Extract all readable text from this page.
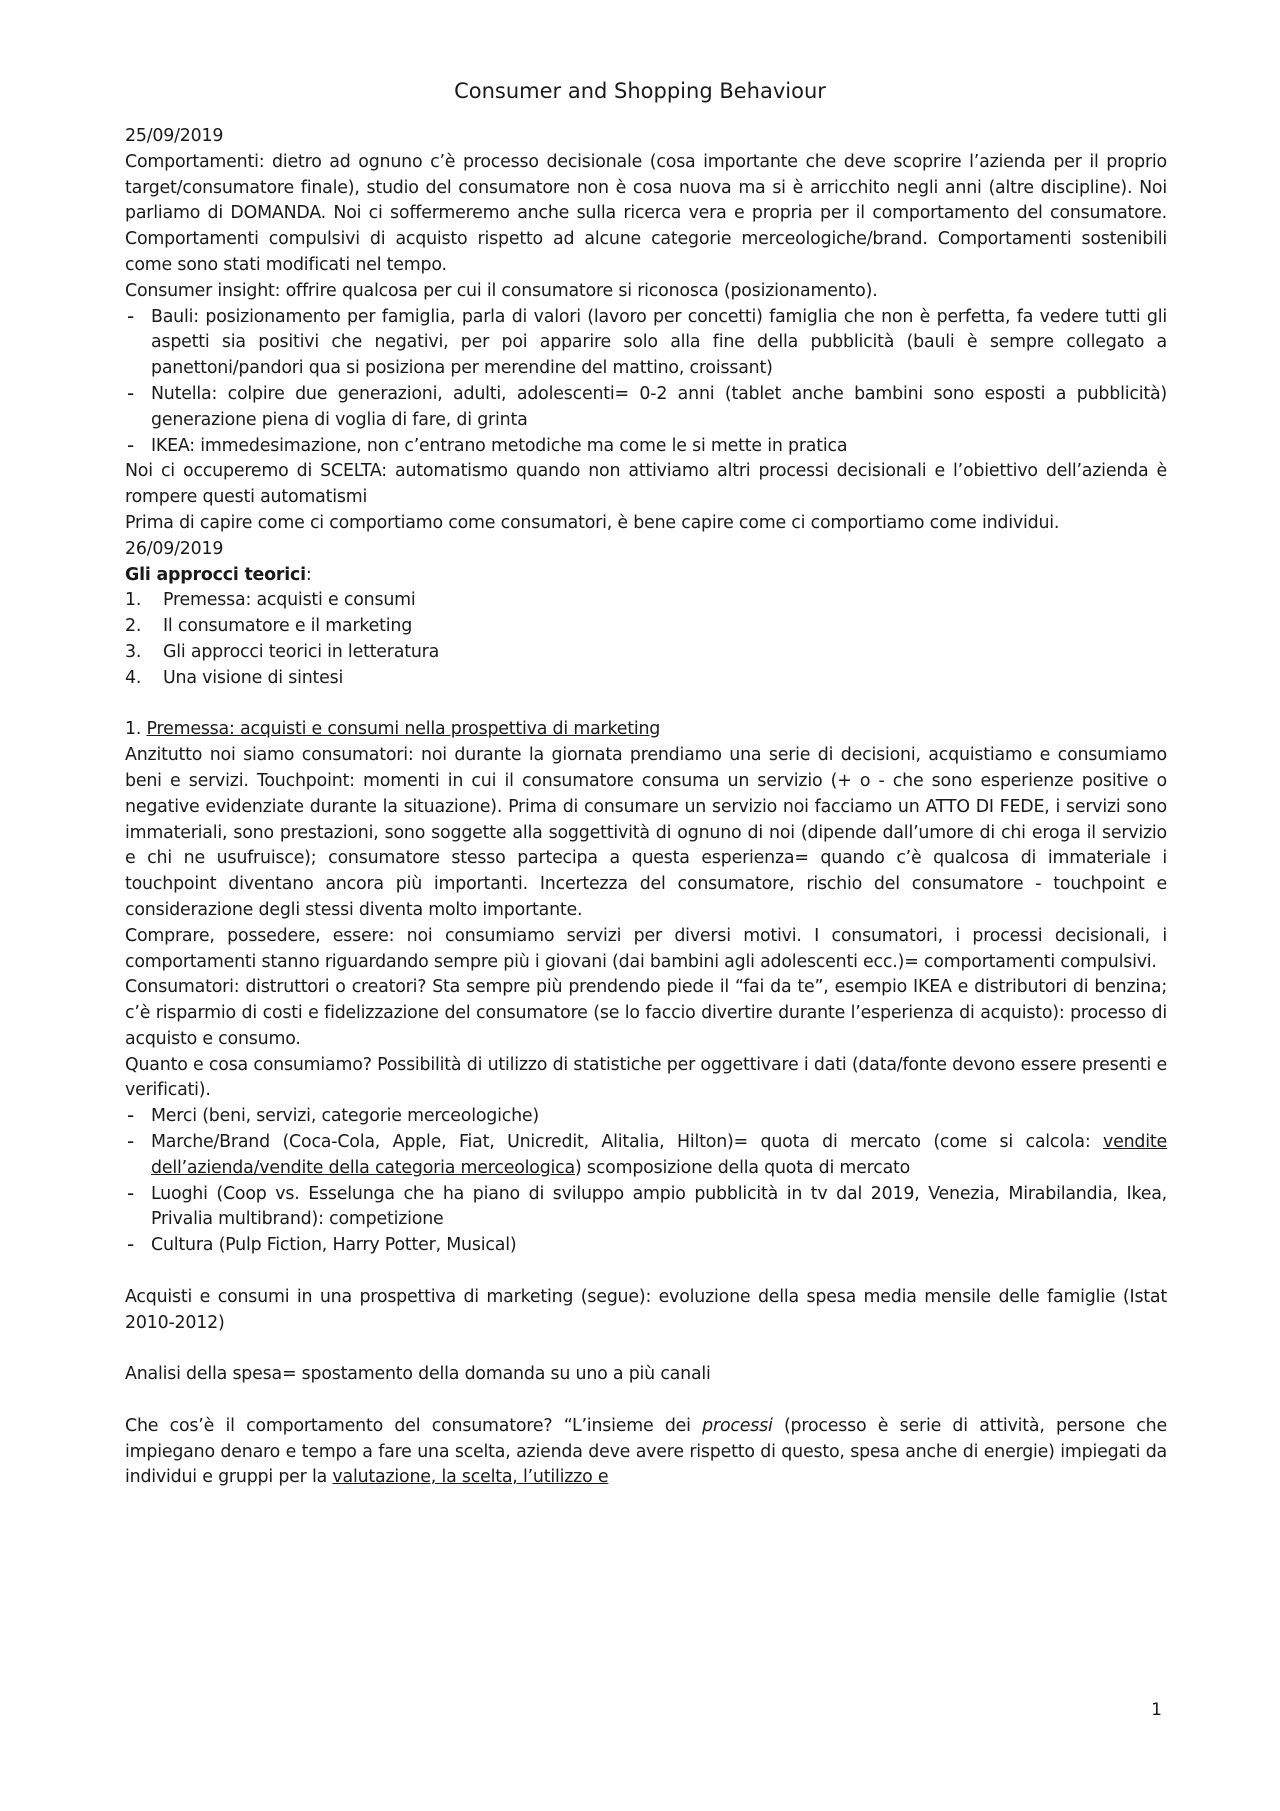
Consumer and Shopping Behaviour

25/09/2019

Comportamenti: dietro ad ognuno c’è processo decisionale (cosa importante che deve scoprire l’azienda per il proprio target/consumatore finale), studio del consumatore non è cosa nuova ma si è arricchito negli anni (altre discipline). Noi parliamo di DOMANDA. Noi ci soffermeremo anche sulla ricerca vera e propria per il comportamento del consumatore. Comportamenti compulsivi di acquisto rispetto ad alcune categorie merceologiche/brand. Comportamenti sostenibili come sono stati modificati nel tempo.

Consumer insight: offrire qualcosa per cui il consumatore si riconosca (posizionamento).

- Bauli: posizionamento per famiglia, parla di valori (lavoro per concetti) famiglia che non è perfetta, fa vedere tutti gli aspetti sia positivi che negativi, per poi apparire solo alla fine della pubblicità (bauli è sempre collegato a panettoni/pandori qua si posiziona per merendine del mattino, croissant)
- Nutella: colpire due generazioni, adulti, adolescenti= 0-2 anni (tablet anche bambini sono esposti a pubblicità) generazione piena di voglia di fare, di grinta
- IKEA: immedesimazione, non c’entrano metodiche ma come le si mette in pratica

Noi ci occuperemo di SCELTA: automatismo quando non attiviamo altri processi decisionali e l’obiettivo dell’azienda è rompere questi automatismi

Prima di capire come ci comportiamo come consumatori, è bene capire come ci comportiamo come individui.

26/09/2019

Gli approcci teorici:

1. Premessa: acquisti e consumi
2. Il consumatore e il marketing
3. Gli approcci teorici in letteratura
4. Una visione di sintesi

1. Premessa: acquisti e consumi nella prospettiva di marketing

Anzitutto noi siamo consumatori: noi durante la giornata prendiamo una serie di decisioni, acquistiamo e consumiamo beni e servizi. Touchpoint: momenti in cui il consumatore consuma un servizio (+ o - che sono esperienze positive o negative evidenziate durante la situazione). Prima di consumare un servizio noi facciamo un ATTO DI FEDE, i servizi sono immateriali, sono prestazioni, sono soggette alla soggettività di ognuno di noi (dipende dall’umore di chi eroga il servizio e chi ne usufruisce); consumatore stesso partecipa a questa esperienza= quando c’è qualcosa di immateriale i touchpoint diventano ancora più importanti. Incertezza del consumatore, rischio del consumatore - touchpoint e considerazione degli stessi diventa molto importante.

Comprare, possedere, essere: noi consumiamo servizi per diversi motivi. I consumatori, i processi decisionali, i comportamenti stanno riguardando sempre più i giovani (dai bambini agli adolescenti ecc.)= comportamenti compulsivi.

Consumatori: distruttori o creatori? Sta sempre più prendendo piede il “fai da te”, esempio IKEA e distributori di benzina; c’è risparmio di costi e fidelizzazione del consumatore (se lo faccio divertire durante l’esperienza di acquisto): processo di acquisto e consumo.

Quanto e cosa consumiamo? Possibilità di utilizzo di statistiche per oggettivare i dati (data/fonte devono essere presenti e verificati).

- Merci (beni, servizi, categorie merceologiche)
- Marche/Brand (Coca-Cola, Apple, Fiat, Unicredit, Alitalia, Hilton)= quota di mercato (come si calcola: vendite dell’azienda/vendite della categoria merceologica) scomposizione della quota di mercato
- Luoghi (Coop vs. Esselunga che ha piano di sviluppo ampio pubblicità in tv dal 2019, Venezia, Mirabilandia, Ikea, Privalia multibrand): competizione
- Cultura (Pulp Fiction, Harry Potter, Musical)

Acquisti e consumi in una prospettiva di marketing (segue): evoluzione della spesa media mensile delle famiglie (Istat 2010-2012)

Analisi della spesa= spostamento della domanda su uno a più canali

Che cos’è il comportamento del consumatore? “L’insieme dei processi (processo è serie di attività, persone che impiegano denaro e tempo a fare una scelta, azienda deve avere rispetto di questo, spesa anche di energie) impiegati da individui e gruppi per la valutazione, la scelta, l’utilizzo e

1
